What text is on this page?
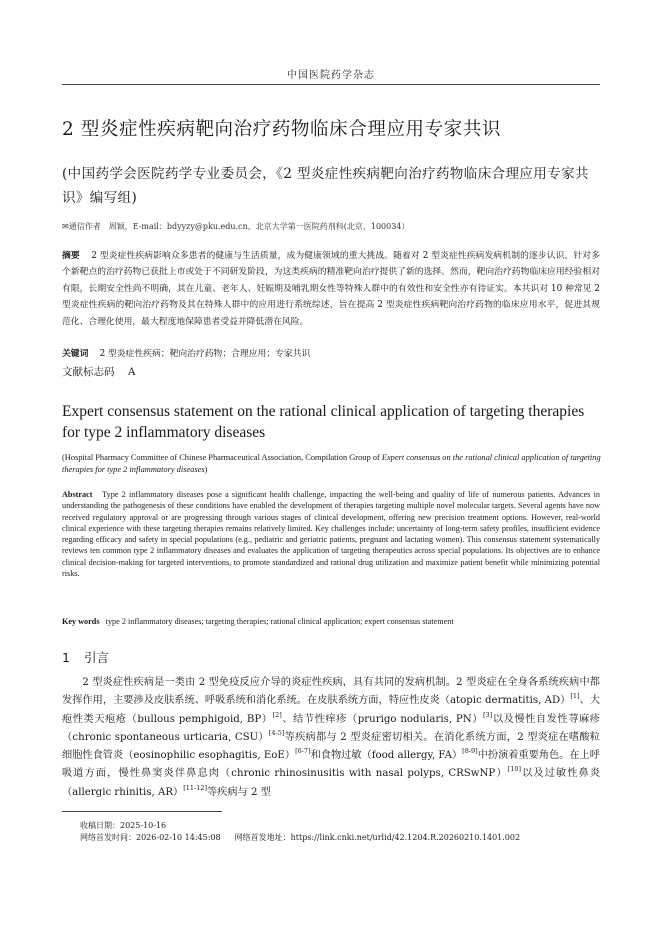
中国医院药学杂志
2 型炎症性疾病靶向治疗药物临床合理应用专家共识
(中国药学会医院药学专业委员会，《2 型炎症性疾病靶向治疗药物临床合理应用专家共识》编写组)
✉通信作者　周颖，E-mail：bdyyzy@pku.edu.cn，北京大学第一医院药剂科(北京，100034）
摘要 2 型炎症性疾病影响众多患者的健康与生活质量，成为健康领域的重大挑战。随着对 2 型炎症性疾病发病机制的逐步认识，针对多个新靶点的治疗药物已获批上市或处于不同研发阶段，为这类疾病的精准靶向治疗提供了新的选择。然而，靶向治疗药物临床应用经验相对有限，长期安全性尚不明确，其在儿童、老年人、妊娠期及哺乳期女性等特殊人群中的有效性和安全性亦有待证实。本共识对 10 种常见 2 型炎症性疾病的靶向治疗药物及其在特殊人群中的应用进行系统综述，旨在提高 2 型炎症性疾病靶向治疗药物的临床应用水平，促进其规范化、合理化使用，最大程度地保障患者受益并降低潜在风险。
关键词 2 型炎症性疾病；靶向治疗药物；合理应用；专家共识
文献标志码 A
Expert consensus statement on the rational clinical application of targeting therapies for type 2 inflammatory diseases
(Hospital Pharmacy Committee of Chinese Pharmaceutical Association, Compilation Group of Expert consensus on the rational clinical application of targeting therapies for type 2 inflammatory diseases)
Abstract Type 2 inflammatory diseases pose a significant health challenge, impacting the well-being and quality of life of numerous patients. Advances in understanding the pathogenesis of these conditions have enabled the development of therapies targeting multiple novel molecular targets. Several agents have now received regulatory approval or are progressing through various stages of clinical development, offering new precision treatment options. However, real-world clinical experience with these targeting therapies remains relatively limited. Key challenges include: uncertainty of long-term safety profiles, insufficient evidence regarding efficacy and safety in special populations (e.g., pediatric and geriatric patients, pregnant and lactating women). This consensus statement systematically reviews ten common type 2 inflammatory diseases and evaluates the application of targeting therapeutics across special populations. Its objectives are to enhance clinical decision-making for targeted interventions, to promote standardized and rational drug utilization and maximize patient benefit while minimizing potential risks.
Key words type 2 inflammatory diseases; targeting therapies; rational clinical application; expert consensus statement
1 引言
2 型炎症性疾病是一类由 2 型免疫反应介导的炎症性疾病，具有共同的发病机制。2 型炎症在全身各系统疾病中都发挥作用，主要涉及皮肤系统、呼吸系统和消化系统。在皮肤系统方面，特应性皮炎（atopic dermatitis, AD）[1]、大疱性类天疱疮（bullous pemphigoid, BP）[2]、结节性痒疹（prurigo nodularis, PN）[3]以及慢性自发性荨麻疹（chronic spontaneous urticaria, CSU）[4-5]等疾病都与 2 型炎症密切相关。在消化系统方面，2 型炎症在嗜酸粒细胞性食管炎（eosinophilic esophagitis, EoE）[6-7]和食物过敏（food allergy, FA）[8-9]中扮演着重要角色。在上呼吸道方面，慢性鼻窦炎伴鼻息肉（chronic rhinosinusitis with nasal polyps, CRSwNP）[10]以及过敏性鼻炎（allergic rhinitis, AR）[11-12]等疾病与 2 型
收稿日期：2025-10-16
网络首发时间：2026-02-10 14:45:08 网络首发地址：https://link.cnki.net/urlid/42.1204.R.20260210.1401.002
